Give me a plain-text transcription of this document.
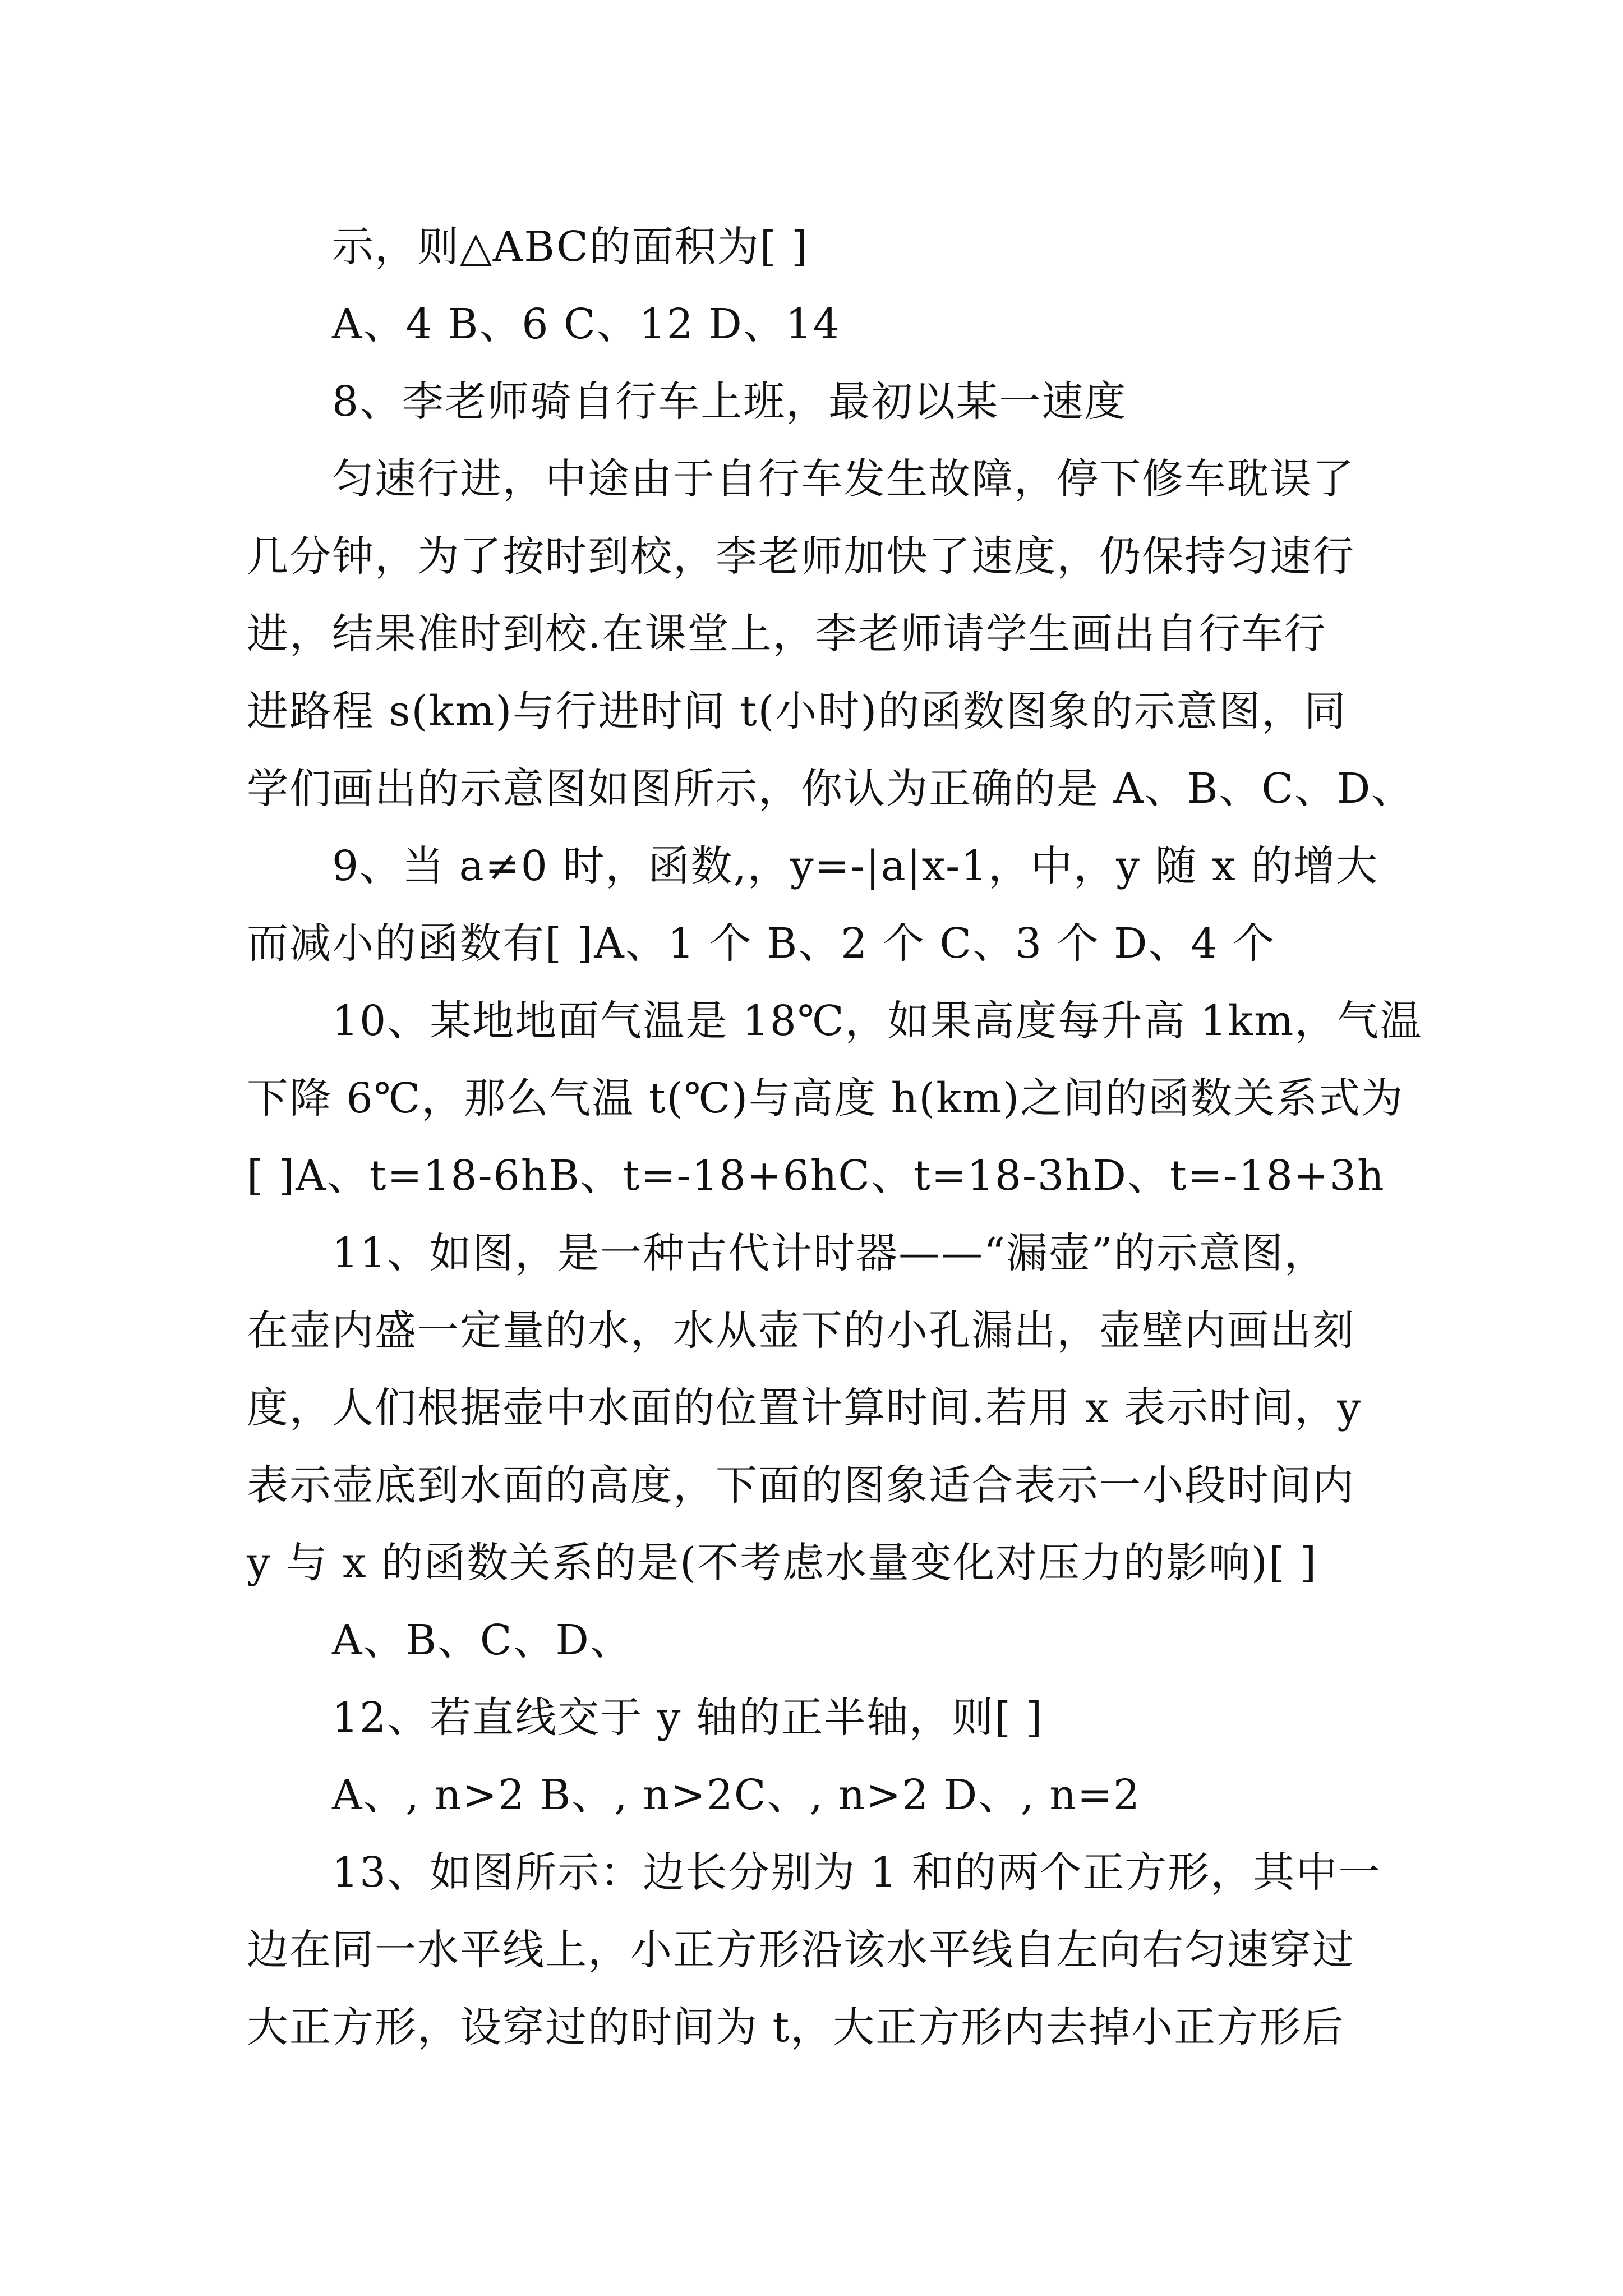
示，则△ABC的面积为[ ]
A、4 B、6 C、12 D、14
8、李老师骑自行车上班，最初以某一速度
匀速行进，中途由于自行车发生故障，停下修车耽误了
几分钟，为了按时到校，李老师加快了速度，仍保持匀速行
进，结果准时到校.在课堂上，李老师请学生画出自行车行
进路程 s(km)与行进时间 t(小时)的函数图象的示意图，同
学们画出的示意图如图所示，你认为正确的是 A、B、C、D、
9、当 a≠0 时，函数,，y=-|a|x-1，中，y 随 x 的增大
而减小的函数有[ ]A、1 个 B、2 个 C、3 个 D、4 个
10、某地地面气温是 18℃，如果高度每升高 1km，气温
下降 6℃，那么气温 t(℃)与高度 h(km)之间的函数关系式为
[ ]A、t=18-6hB、t=-18+6hC、t=18-3hD、t=-18+3h
11、如图，是一种古代计时器——“漏壶”的示意图，
在壶内盛一定量的水，水从壶下的小孔漏出，壶壁内画出刻
度，人们根据壶中水面的位置计算时间.若用 x 表示时间，y
表示壶底到水面的高度，下面的图象适合表示一小段时间内
y 与 x 的函数关系的是(不考虑水量变化对压力的影响)[ ]
A、B、C、D、
12、若直线交于 y 轴的正半轴，则[ ]
A、, n>2 B、, n>2C、, n>2 D、, n=2
13、如图所示：边长分别为 1 和的两个正方形，其中一
边在同一水平线上，小正方形沿该水平线自左向右匀速穿过
大正方形，设穿过的时间为 t，大正方形内去掉小正方形后
